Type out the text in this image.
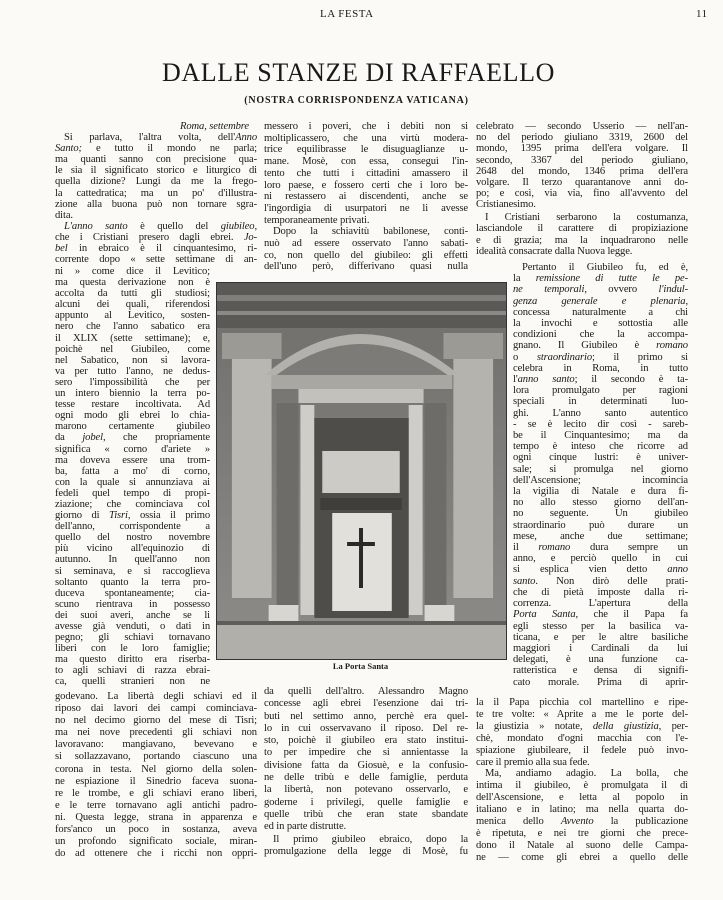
LA FESTA	11
DALLE STANZE DI RAFFAELLO
(NOSTRA CORRISPONDENZA VATICANA)
Roma, settembre
Si parlava, l'altra volta, dell'Anno
Santo; e tutto il mondo ne parla;
ma quanti sanno con precisione qua-
le sia il significato storico e liturgico di
quella dizione? Lungi da me la frego-
la cattedratica; ma un po' d'illustra-
zione alla buona può non tornare sgra-
dita.
L'anno santo è quello del giubileo,
che i Cristiani presero dagli ebrei. Jo-
bel in ebraico è il cinquantesimo, ri-
corrente dopo « sette settimane di an-
ni » come dice il Levitico;
ma questa derivazione non è
accolta da tutti gli studiosi;
alcuni dei quali, riferendosi
appunto al Levitico, sosten-
nero che l'anno sabatico era
il XLIX (sette settimane); e,
poichè nel Giubileo, come
nel Sabatico, non si lavora-
va per tutto l'anno, ne dedus-
sero l'impossibilità che per
un intero biennio la terra po-
tesse restare incoltivata. Ad
ogni modo gli ebrei lo chia-
marono certamente giubileo
da jobel, che propriamente
significa « corno d'ariete »
ma doveva essere una trom-
ba, fatta a mo' di corno,
con la quale si annunziava ai
fedeli quel tempo di propi-
ziazione; che cominciava col
giorno di Tisri, ossia il primo
dell'anno, corrispondente a
quello del nostro novembre
più vicino all'equinozio di
autunno. In quell'anno non
si seminava, e si raccoglieva
soltanto quanto la terra pro-
duceva spontaneamente; cia-
scuno rientrava in possesso
dei suoi averi, anche se li
avesse già venduti, o dati in
pegno; gli schiavi tornavano
liberi con le loro famiglie;
ma questo diritto era riserba-
to agli schiavi di razza ebrai-
ca, quelli stranieri non ne
godevano. La libertà degli schiavi ed il
riposo dai lavori dei campi cominciava-
no nel decimo giorno del mese di Tisri;
ma nei nove precedenti gli schiavi non
lavoravano: mangiavano, bevevano e
si sollazzavano, portando ciascuno una
corona in testa. Nel giorno della solen-
ne espiazione il Sinedrio faceva suona-
re le trombe, e gli schiavi erano liberi,
e le terre tornavano agli antichi padro-
ni. Questa legge, strana in apparenza e
fors'anco un poco in sostanza, aveva
un profondo significato sociale, miran-
do ad ottenere che i ricchi non oppri-
messero i poveri, che i debiti non si
moltiplicassero, che una virtù modera-
trice equilibrasse le disuguaglianze u-
mane. Mosè, con essa, conseguì l'in-
tento che tutti i cittadini amassero il
loro paese, e fossero certi che i loro be-
ni restassero ai discendenti, anche se
l'ingordigia di usurpatori ne li avesse
temporaneamente privati.
Dopo la schiavitù babilonese, conti-
nuò ad essere osservato l'anno sabati-
co, non quello del giubileo: gli effetti
dell'uno però, differivano quasi nulla
da quelli dell'altro. Alessandro Magno
concesse agli ebrei l'esenzione dai tri-
buti nel settimo anno, perchè era quel-
lo in cui osservavano il riposo. Del re-
sto, poichè il giubileo era stato institui-
to per impedire che si annientasse la
divisione fatta da Giosuè, e la confusio-
ne delle tribù e delle famiglie, perduta
la libertà, non potevano osservarlo, e
goderne i privilegi, quelle famiglie e
quelle tribù che eran state sbandate
ed in parte distrutte.
Il primo giubileo ebraico, dopo la
promulgazione della legge di Mosè, fu
celebrato — secondo Usserio — nell'an-
no del periodo giuliano 3319, 2600 del
mondo, 1395 prima dell'era volgare. Il
secondo, 3367 del periodo giuliano,
2648 del mondo, 1346 prima dell'era
volgare. Il terzo quarantanove anni do-
po; e così, via via, fino all'avvento del
Cristianesimo.
I Cristiani serbarono la costumanza,
lasciandole il carattere di propiziazione
e di grazia; ma la inquadrarono nelle
idealità consacrate dalla Nuova legge.
Pertanto il Giubileo fu, ed è,
la remissione di tutte le pe-
ne temporali, ovvero l'indul-
genza generale e plenaria,
concessa naturalmente a chi
la invochi e sottostia alle
condizioni che la accompa-
gnano. Il Giubileo è romano
o straordinario; il primo si
celebra in Roma, in tutto
l'anno santo; il secondo è ta-
lora promulgato per ragioni
speciali in determinati luo-
ghi. L'anno santo autentico
- se è lecito dir così - sareb-
be il Cinquantesimo; ma da
tempo è inteso che ricorre ad
ogni cinque lustri: è univer-
sale; si promulga nel giorno
dell'Ascensione; incomincia
la vigilia di Natale e dura fi-
no allo stesso giorno dell'an-
no seguente. Un giubileo
straordinario può durare un
mese, anche due settimane;
il romano dura sempre un
anno, e perciò quello in cui
si esplica vien detto anno
santo. Non dirò delle prati-
che di pietà imposte dalla ri-
correnza. L'apertura della
Porta Santa, che il Papa fa
egli stesso per la basilica va-
ticana, e per le altre basiliche
maggiori i Cardinali da lui
delegati, è una funzione ca-
ratteristica e densa di signifi-
cato morale. Prima di aprir-
la il Papa picchia col martellino e ripe-
te tre volte: « Aprite a me le porte del-
la giustizia » notate, della giustizia, per-
chè, mondato d'ogni macchia con l'e-
spiazione giubileare, il fedele può invo-
care il premio alla sua fede.
Ma, andiamo adagio. La bolla, che
intima il giubileo, è promulgata il dì
dell'Ascensione, e letta al popolo in
italiano e in latino; ma nella quarta do-
menica dello Avvento la publicazione
è ripetuta, e nei tre giorni che prece-
dono il Natale al suono delle Campa-
ne — come gli ebrei a quello delle
La Porta Santa
